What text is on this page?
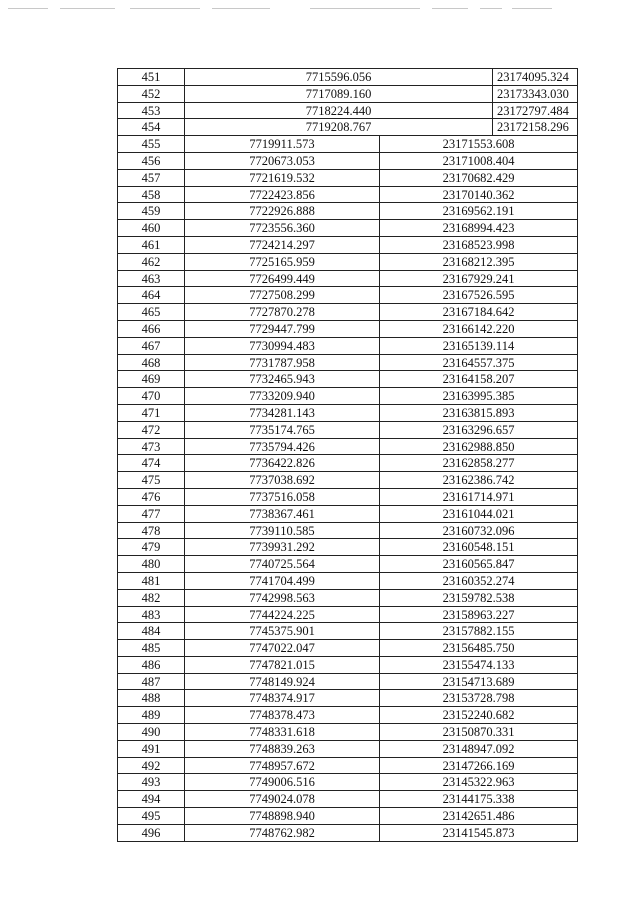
451	7715596.056	23174095.324
452	7717089.160	23173343.030
453	7718224.440	23172797.484
454	7719208.767	23172158.296
455	7719911.573	23171553.608
456	7720673.053	23171008.404
457	7721619.532	23170682.429
458	7722423.856	23170140.362
459	7722926.888	23169562.191
460	7723556.360	23168994.423
461	7724214.297	23168523.998
462	7725165.959	23168212.395
463	7726499.449	23167929.241
464	7727508.299	23167526.595
465	7727870.278	23167184.642
466	7729447.799	23166142.220
467	7730994.483	23165139.114
468	7731787.958	23164557.375
469	7732465.943	23164158.207
470	7733209.940	23163995.385
471	7734281.143	23163815.893
472	7735174.765	23163296.657
473	7735794.426	23162988.850
474	7736422.826	23162858.277
475	7737038.692	23162386.742
476	7737516.058	23161714.971
477	7738367.461	23161044.021
478	7739110.585	23160732.096
479	7739931.292	23160548.151
480	7740725.564	23160565.847
481	7741704.499	23160352.274
482	7742998.563	23159782.538
483	7744224.225	23158963.227
484	7745375.901	23157882.155
485	7747022.047	23156485.750
486	7747821.015	23155474.133
487	7748149.924	23154713.689
488	7748374.917	23153728.798
489	7748378.473	23152240.682
490	7748331.618	23150870.331
491	7748839.263	23148947.092
492	7748957.672	23147266.169
493	7749006.516	23145322.963
494	7749024.078	23144175.338
495	7748898.940	23142651.486
496	7748762.982	23141545.873
